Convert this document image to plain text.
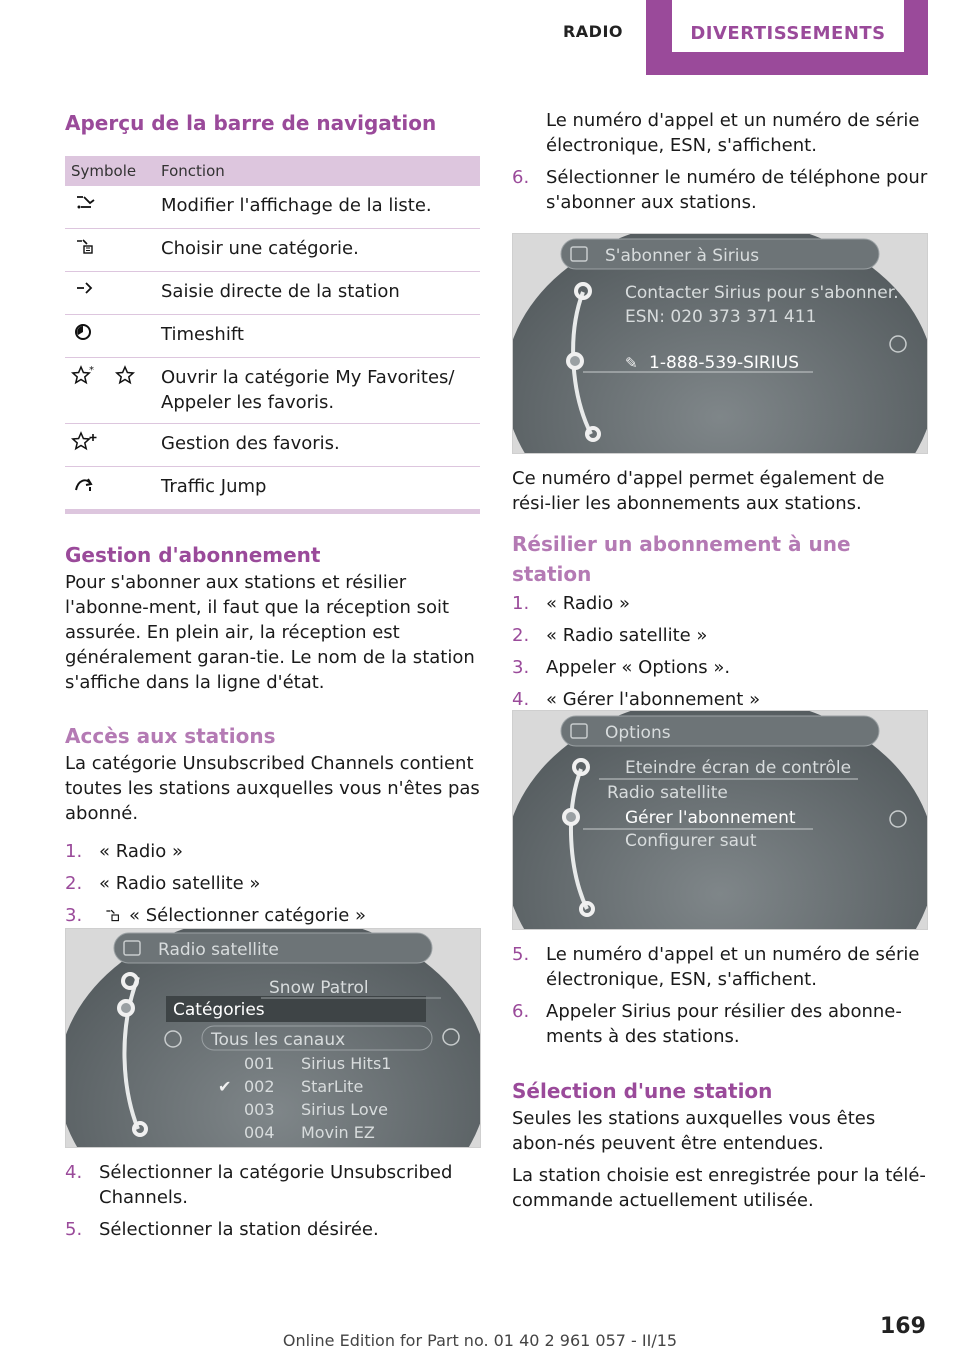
RADIO	DIVERTISSEMENTS
Aperçu de la barre de navigation
Symbole	Fonction
	Modifier l'affichage de la liste.
	Choisir une catégorie.
	Saisie directe de la station
	Timeshift

*	Ouvrir la catégorie My Favorites/ Appeler les favoris.
	Gestion des favoris.
	Traffic Jump
Gestion d'abonnement

Pour s'abonner aux stations et résilier l'abonne‐ment, il faut que la réception soit assurée. En plein air, la réception est généralement garan‐tie. Le nom de la station s'affiche dans la ligne d'état.

Accès aux stations

La catégorie Unsubscribed Channels contient toutes les stations auxquelles vous n'êtes pas abonné.

1. « Radio »
2. « Radio satellite »
3.	« Sélectionner catégorie »
Radio satellite
Catégories
Snow Patrol
Tous les canaux
001 Sirius Hits1
✔ 002 StarLite
003 Sirius Love
004 Movin EZ
4. Sélectionner la catégorie Unsubscribed Channels.
5. Sélectionner la station désirée.
Le numéro d'appel et un numéro de série électronique, ESN, s'affichent.
6. Sélectionner le numéro de téléphone pour s'abonner aux stations.
S'abonner à Sirius
Contacter Sirius pour s'abonner.
ESN: 020 373 371 411
✎ 1-888-539-SIRIUS

Ce numéro d'appel permet également de rési‐lier les abonnements aux stations.

Résilier un abonnement à une station
1. « Radio »
2. « Radio satellite »
3. Appeler « Options ».
4. « Gérer l'abonnement »
Options
Eteindre écran de contrôle
Radio satellite
Gérer l'abonnement
Configurer saut
5. Le numéro d'appel et un numéro de série électronique, ESN, s'affichent.
6. Appeler Sirius pour résilier des abonne‐ments à des stations.
Sélection d'une station

Seules les stations auxquelles vous êtes abon‐nés peuvent être entendues.

La station choisie est enregistrée pour la télé‐commande actuellement utilisée.

169
Online Edition for Part no. 01 40 2 961 057 - II/15
